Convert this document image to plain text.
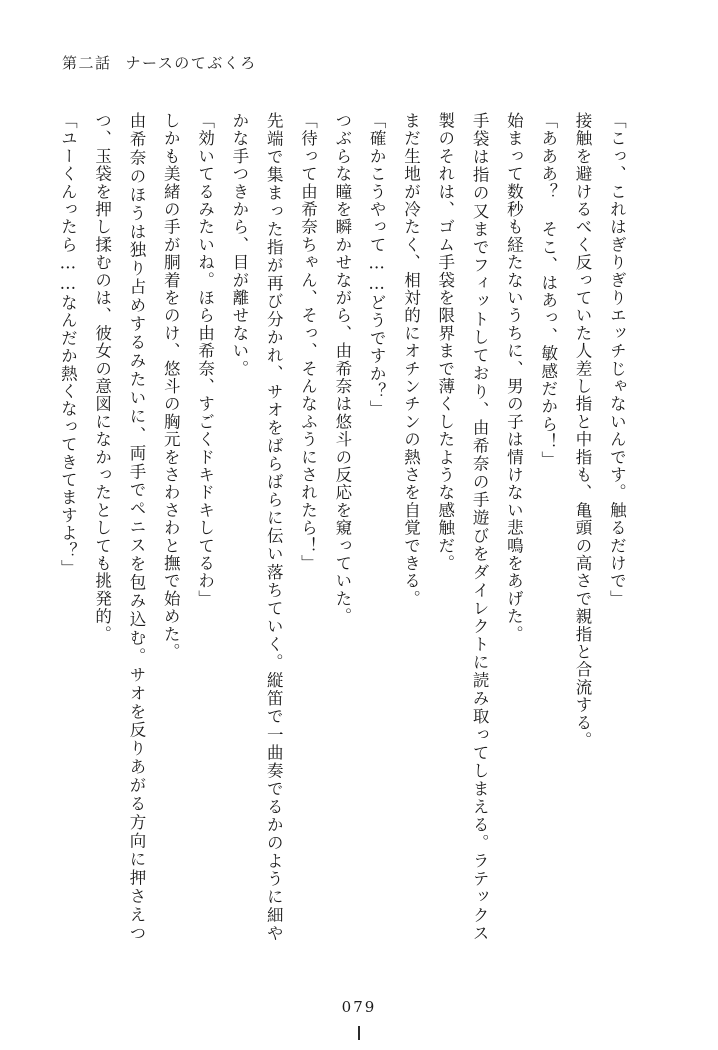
第二話 ナースのてぶくろ

「こっ、これはぎりぎりエッチじゃないんです。触るだけで」

接触を避けるべく反っていた人差し指と中指も、亀頭の高さで親指と合流する。

「あああ？ そこ、はあっ、敏感だから！」

始まって数秒も経たないうちに、男の子は情けない悲鳴をあげた。

手袋は指の又までフィットしており、由希奈の手遊びをダイレクトに読み取ってしまえる。ラテックス製のそれは、ゴム手袋を限界まで薄くしたような感触だ。

まだ生地が冷たく、相対的にオチンチンの熱さを自覚できる。

「確かこうやって……どうですか？」

つぶらな瞳を瞬かせながら、由希奈は悠斗の反応を窺っていた。

「待って由希奈ちゃん、そっ、そんなふうにされたら！」

先端で集まった指が再び分かれ、サオをばらばらに伝い落ちていく。縦笛で一曲奏でるかのように細やかな手つきから、目が離せない。

「効いてるみたいね。ほら由希奈、すごくドキドキしてるわ」

しかも美緒の手が胴着をのけ、悠斗の胸元をさわさわと撫で始めた。

由希奈のほうは独り占めするみたいに、両手でペニスを包み込む。サオを反りあがる方向に押さえつつ、玉袋を押し揉むのは、彼女の意図になかったとしても挑発的。

「ユーくんったら……なんだか熱くなってきてますよ？」

079
